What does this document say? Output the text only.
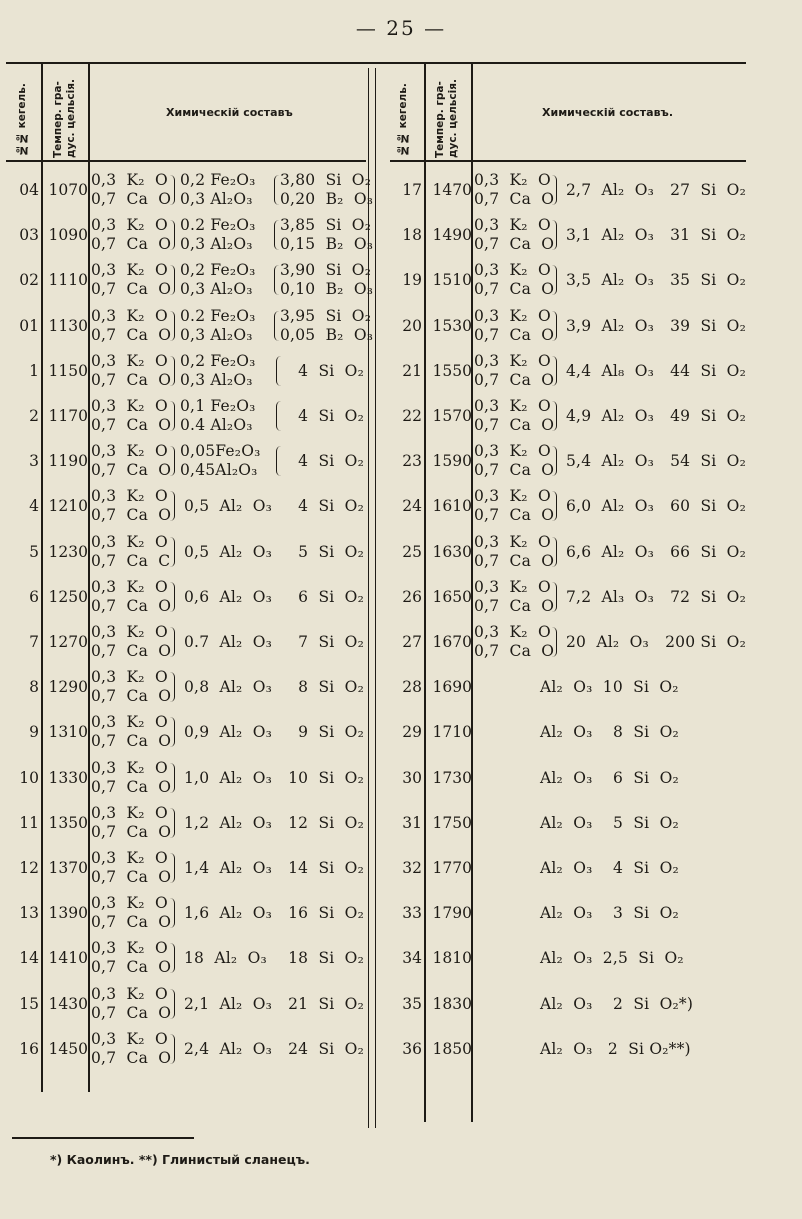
— 25 —
№№ кегель. Темпер. гра-дус. цельсія.	Химическій составъ	№№ кегель. Темпер. гра-дус. цельсія.	Химическій составъ.
04 1070
0,3  K₂  O
0,7  Ca  O
0,2 Fe₂O₃
0,3 Al₂O₃
3,80  Si  O₂
0,20  B₂  O₃
03 1090
0,3  K₂  O
0,7  Ca  O
0.2 Fe₂O₃
0,3 Al₂O₃
3,85  Si  O₂
0,15  B₂  O₃
02 1110
0,3  K₂  O
0,7  Ca  O
0,2 Fe₂O₃
0,3 Al₂O₃
3,90  Si  O₂
0,10  B₂  O₃
01 1130
0,3  K₂  O
0,7  Ca  O
0.2 Fe₂O₃
0,3 Al₂O₃
3,95  Si  O₂
0,05  B₂  O₃
1 1150
0,3  K₂  O
0,7  Ca  O
0,2 Fe₂O₃
0,3 Al₂O₃	4  Si  O₂
2 1170
0,3  K₂  O
0,7  Ca  O
0,1 Fe₂O₃
0.4 Al₂O₃	4  Si  O₂
3 1190
0,3  K₂  O
0,7  Ca  O
0,05Fe₂O₃
0,45Al₂O₃	4  Si  O₂
4 1210
0,3  K₂  O
0,7  Ca  O 0,5  Al₂  O₃	4  Si  O₂
5 1230
0,3  K₂  O
0,7  Ca  C 0,5  Al₂  O₃	5  Si  O₂
6 1250
0,3  K₂  O
0,7  Ca  O 0,6  Al₂  O₃	6  Si  O₂
7 1270
0,3  K₂  O
0,7  Ca  O 0.7  Al₂  O₃	7  Si  O₂
8 1290
0,3  K₂  O
0,7  Ca  O 0,8  Al₂  O₃	8  Si  O₂
9 1310
0,3  K₂  O
0,7  Ca  O 0,9  Al₂  O₃	9  Si  O₂
10 1330
0,3  K₂  O
0,7  Ca  O 1,0  Al₂  O₃	10  Si  O₂
11 1350
0,3  K₂  O
0,7  Ca  O 1,2  Al₂  O₃	12  Si  O₂
12 1370
0,3  K₂  O
0,7  Ca  O 1,4  Al₂  O₃	14  Si  O₂
13 1390
0,3  K₂  O
0,7  Ca  O 1,6  Al₂  O₃	16  Si  O₂
14 1410
0,3  K₂  O
0,7  Ca  O 18  Al₂  O₃	18  Si  O₂
15 1430
0,3  K₂  O
0,7  Ca  O 2,1  Al₂  O₃	21  Si  O₂
16 1450
0,3  K₂  O
0,7  Ca  O 2,4  Al₂  O₃	24  Si  O₂
17 1470
0,3  K₂  O
0,7  Ca  O 2,7  Al₂  O₃	27  Si  O₂
18 1490
0,3  K₂  O
0,7  Ca  O 3,1  Al₂  O₃	31  Si  O₂
19 1510
0,3  K₂  O
0,7  Ca  O 3,5  Al₂  O₃	35  Si  O₂
20 1530
0,3  K₂  O
0,7  Ca  O 3,9  Al₂  O₃	39  Si  O₂
21 1550
0,3  K₂  O
0,7  Ca  O 4,4  Al₈  O₃	44  Si  O₂
22 1570
0,3  K₂  O
0,7  Ca  O 4,9  Al₂  O₃	49  Si  O₂
23 1590
0,3  K₂  O
0,7  Ca  O 5,4  Al₂  O₃	54  Si  O₂
24 1610
0,3  K₂  O
0,7  Ca  O 6,0  Al₂  O₃	60  Si  O₂
25 1630
0,3  K₂  O
0,7  Ca  O 6,6  Al₂  O₃	66  Si  O₂
26 1650
0,3  K₂  O
0,7  Ca  O 7,2  Al₃  O₃	72  Si  O₂
27 1670
0,3  K₂  O
0,7  Ca  O 20  Al₂  O₃	200 Si  O₂
28 1690	Al₂  O₃  10  Si  O₂
29 1710	Al₂  O₃    8  Si  O₂
30 1730	Al₂  O₃    6  Si  O₂
31 1750	Al₂  O₃    5  Si  O₂
32 1770	Al₂  O₃    4  Si  O₂
33 1790	Al₂  O₃    3  Si  O₂
34 1810	Al₂  O₃  2,5  Si  O₂
35 1830	Al₂  O₃    2  Si  O₂*)
36 1850	Al₂  O₃   2  Si O₂**)
*) Каолинъ. **) Глинистый сланецъ.
